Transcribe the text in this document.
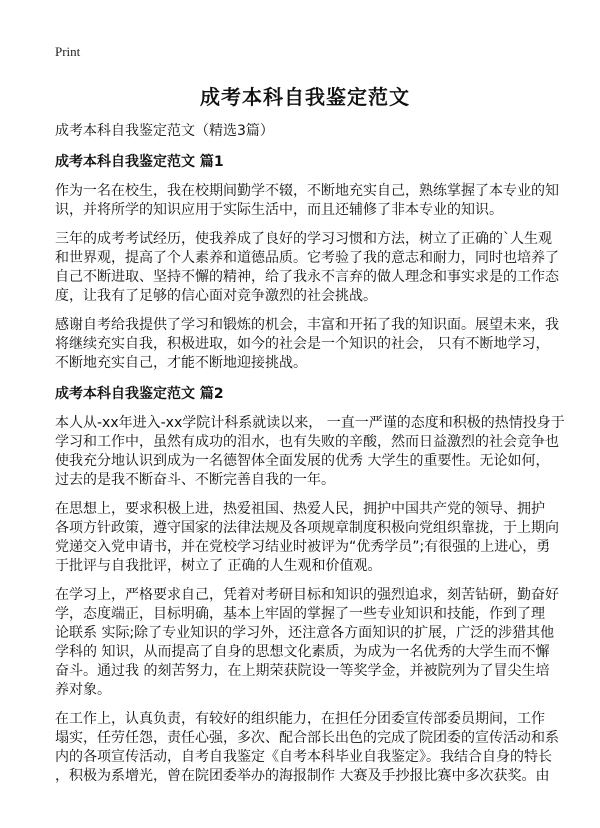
Print
成考本科自我鉴定范文
成考本科自我鉴定范文（精选3篇）
成考本科自我鉴定范文 篇1
作为一名在校生，我在校期间勤学不辍，不断地充实自己，熟练掌握了本专业的知
识，并将所学的知识应用于实际生活中，而且还辅修了非本专业的知识。
三年的成考考试经历，使我养成了良好的学习习惯和方法，树立了正确的`人生观
和世界观，提高了个人素养和道德品质。它考验了我的意志和耐力，同时也培养了
自己不断进取、坚持不懈的精神，给了我永不言弃的做人理念和事实求是的工作态
度，让我有了足够的信心面对竞争激烈的社会挑战。
感谢自考给我提供了学习和锻炼的机会，丰富和开拓了我的知识面。展望未来，我
将继续充实自我，积极进取，如今的社会是一个知识的社会， 只有不断地学习，
不断地充实自己，才能不断地迎接挑战。
成考本科自我鉴定范文 篇2
本人从-xx年进入-xx学院计科系就读以来， 一直一严谨的态度和积极的热情投身于
学习和工作中，虽然有成功的泪水，也有失败的辛酸，然而日益激烈的社会竞争也
使我充分地认识到成为一名德智体全面发展的优秀 大学生的重要性。无论如何，
过去的是我不断奋斗、不断完善自我的一年。
在思想上，要求积极上进，热爱祖国、热爱人民，拥护中国共产党的领导、拥护
各项方针政策，遵守国家的法律法规及各项规章制度积极向党组织靠拢，于上期向
党递交入党申请书，并在党校学习结业时被评为“优秀学员”;有很强的上进心，勇
于批评与自我批评，树立了 正确的人生观和价值观。
在学习上，严格要求自己，凭着对考研目标和知识的强烈追求，刻苦钻研，勤奋好
学，态度端正，目标明确，基本上牢固的掌握了一些专业知识和技能，作到了理
论联系 实际;除了专业知识的学习外，还注意各方面知识的扩展，广泛的涉猎其他
学科的 知识，从而提高了自身的思想文化素质，为成为一名优秀的大学生而不懈
奋斗。通过我 的刻苦努力，在上期荣获院设一等奖学金，并被院列为了冒尖生培
养对象。
在工作上，认真负责，有较好的组织能力，在担任分团委宣传部委员期间，工作
塌实，任劳任怨，责任心强，多次、配合部长出色的完成了院团委的宣传活动和系
内的各项宣传活动，自考自我鉴定《自考本科毕业自我鉴定》。我结合自身的特长
，积极为系增光，曾在院团委举办的海报制作 大赛及手抄报比赛中多次获奖。由
